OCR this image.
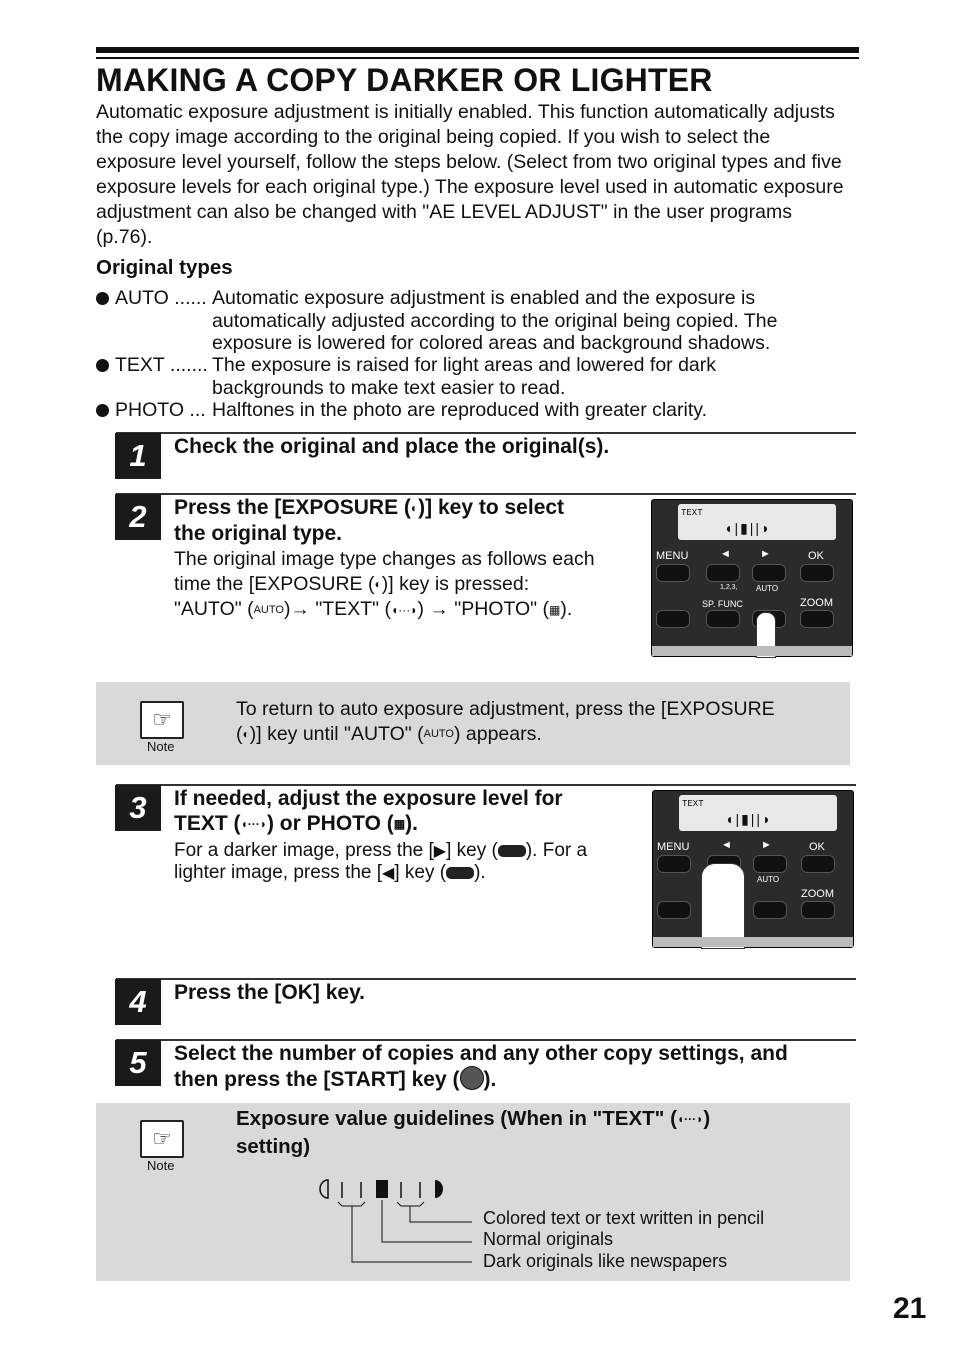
MAKING A COPY DARKER OR LIGHTER

Automatic exposure adjustment is initially enabled. This function automatically adjusts the copy image according to the original being copied. If you wish to select the exposure level yourself, follow the steps below. (Select from two original types and five exposure levels for each original type.) The exposure level used in automatic exposure adjustment can also be changed with "AE LEVEL ADJUST" in the user programs (p.76).

Original types
AUTO ...... Automatic exposure adjustment is enabled and the exposure is automatically adjusted according to the original being copied. The exposure is lowered for colored areas and background shadows.
TEXT ....... The exposure is raised for light areas and lowered for dark backgrounds to make text easier to read.
PHOTO ... Halftones in the photo are reproduced with greater clarity.
1	Check the original and place the original(s).
2	Press the [EXPOSURE (◐)] key to select
the original type.
The original image type changes as follows each
time the [EXPOSURE (◐)] key is pressed:
"AUTO" (AUTO)→ "TEXT" (◖···◗) → "PHOTO" (▦).
TEXT
◖|▮||◗
MENU	◄	►	OK
1,2,3, AUTO
SP. FUNC	ZOOM
☞
Note
To return to auto exposure adjustment, press the [EXPOSURE
(◐)] key until "AUTO" (AUTO) appears.
3	If needed, adjust the exposure level for
TEXT (◖···◗) or PHOTO (▦).
For a darker image, press the [▶] key ( ). For a
lighter image, press the [◀] key ( ).
TEXT
◖|▮||◗
MENU	◄	►	OK
AUTO
ZOOM
4	Press the [OK] key.
5	Select the number of copies and any other copy settings, and
then press the [START] key ( ).
☞
Note
Exposure value guidelines (When in "TEXT" (◖···◗)
setting)
Colored text or text written in pencil
Normal originals
Dark originals like newspapers
21
